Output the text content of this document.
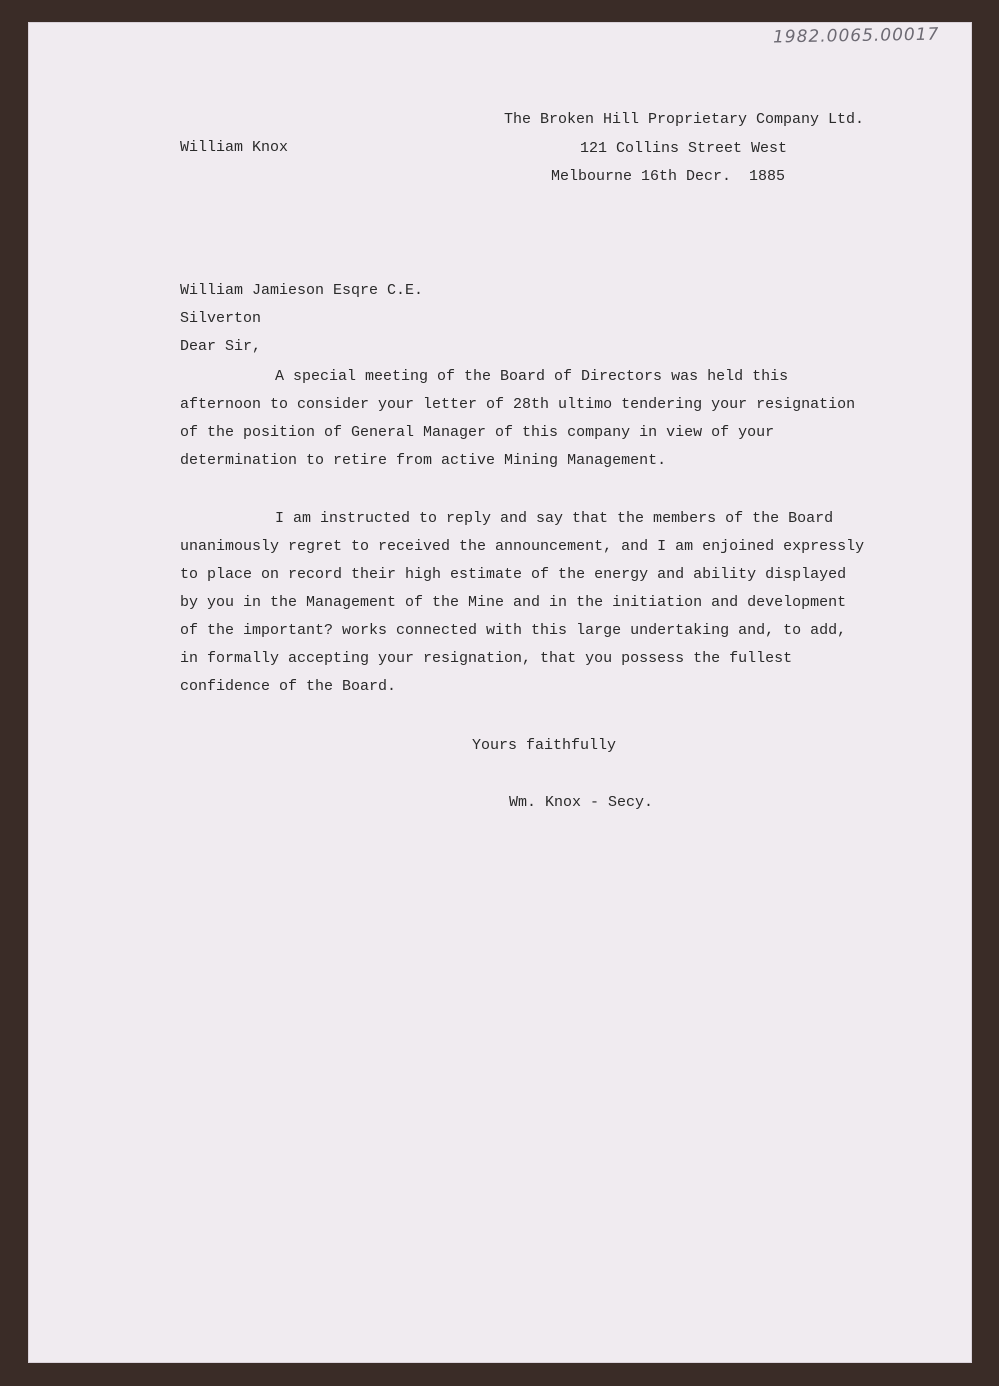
1982.0065.00017
The Broken Hill Proprietary Company Ltd.
William Knox	121 Collins Street West
Melbourne 16th Decr.  1885
William Jamieson Esqre C.E.
Silverton
Dear Sir,
A special meeting of the Board of Directors was held this
afternoon to consider your letter of 28th ultimo tendering your resignation
of the position of General Manager of this company in view of your
determination to retire from active Mining Management.
I am instructed to reply and say that the members of the Board
unanimously regret to received the announcement, and I am enjoined expressly
to place on record their high estimate of the energy and ability displayed
by you in the Management of the Mine and in the initiation and development
of the important? works connected with this large undertaking and, to add,
in formally accepting your resignation, that you possess the fullest
confidence of the Board.
Yours faithfully
Wm. Knox - Secy.
